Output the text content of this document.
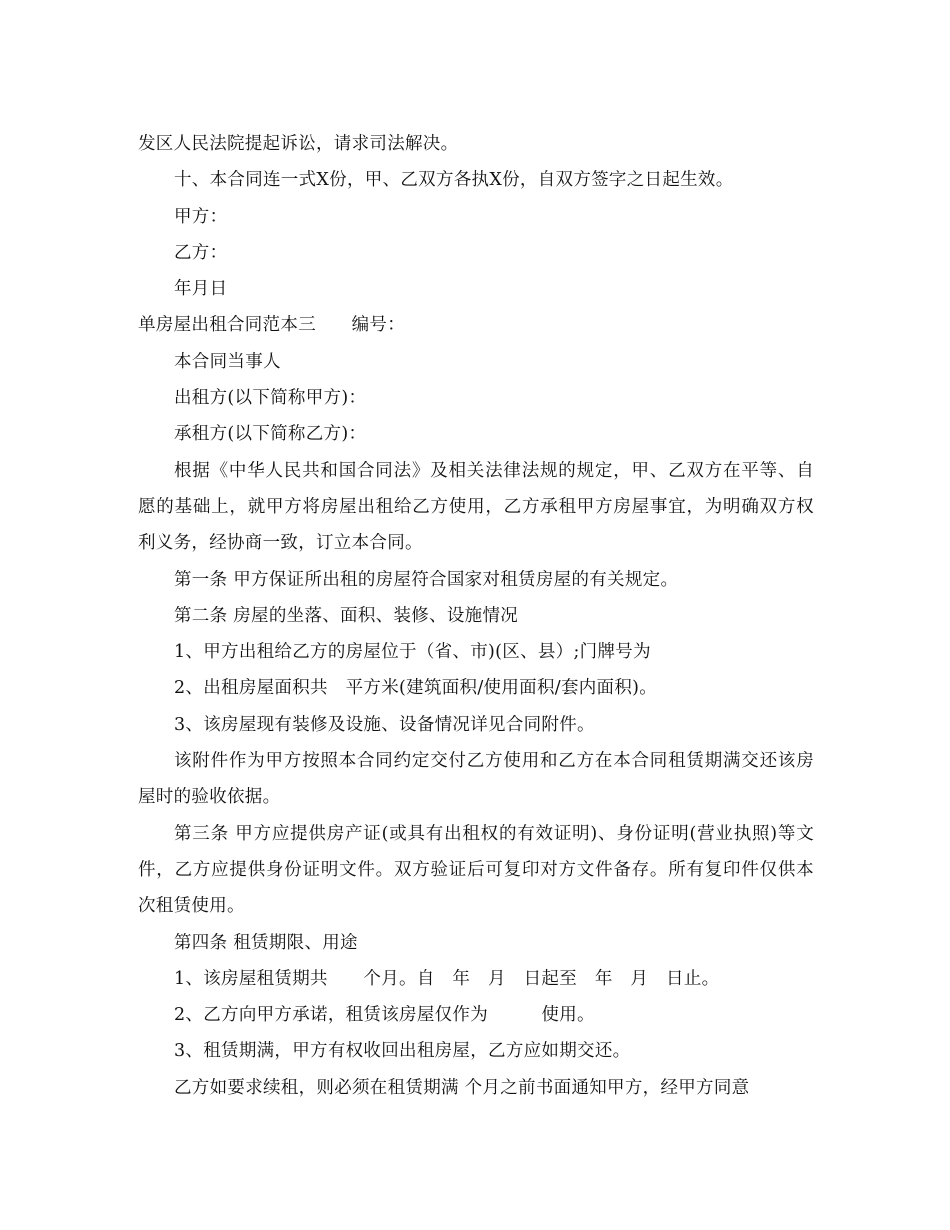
发区人民法院提起诉讼，请求司法解决。

十、本合同连一式X份，甲、乙双方各执X份，自双方签字之日起生效。

甲方：

乙方：

年月日

单房屋出租合同范本三　　编号：

本合同当事人

出租方(以下简称甲方)：

承租方(以下简称乙方)：

根据《中华人民共和国合同法》及相关法律法规的规定，甲、乙双方在平等、自愿的基础上，就甲方将房屋出租给乙方使用，乙方承租甲方房屋事宜，为明确双方权利义务，经协商一致，订立本合同。

第一条 甲方保证所出租的房屋符合国家对租赁房屋的有关规定。

第二条 房屋的坐落、面积、装修、设施情况

1、甲方出租给乙方的房屋位于（省、市)(区、县）;门牌号为

2、出租房屋面积共　平方米(建筑面积/使用面积/套内面积)。

3、该房屋现有装修及设施、设备情况详见合同附件。

该附件作为甲方按照本合同约定交付乙方使用和乙方在本合同租赁期满交还该房屋时的验收依据。

第三条 甲方应提供房产证(或具有出租权的有效证明)、身份证明(营业执照)等文件，乙方应提供身份证明文件。双方验证后可复印对方文件备存。所有复印件仅供本次租赁使用。

第四条 租赁期限、用途

1、该房屋租赁期共　　个月。自　年　月　日起至　年　月　日止。

2、乙方向甲方承诺，租赁该房屋仅作为　　　使用。

3、租赁期满，甲方有权收回出租房屋，乙方应如期交还。

乙方如要求续租，则必须在租赁期满 个月之前书面通知甲方，经甲方同意
